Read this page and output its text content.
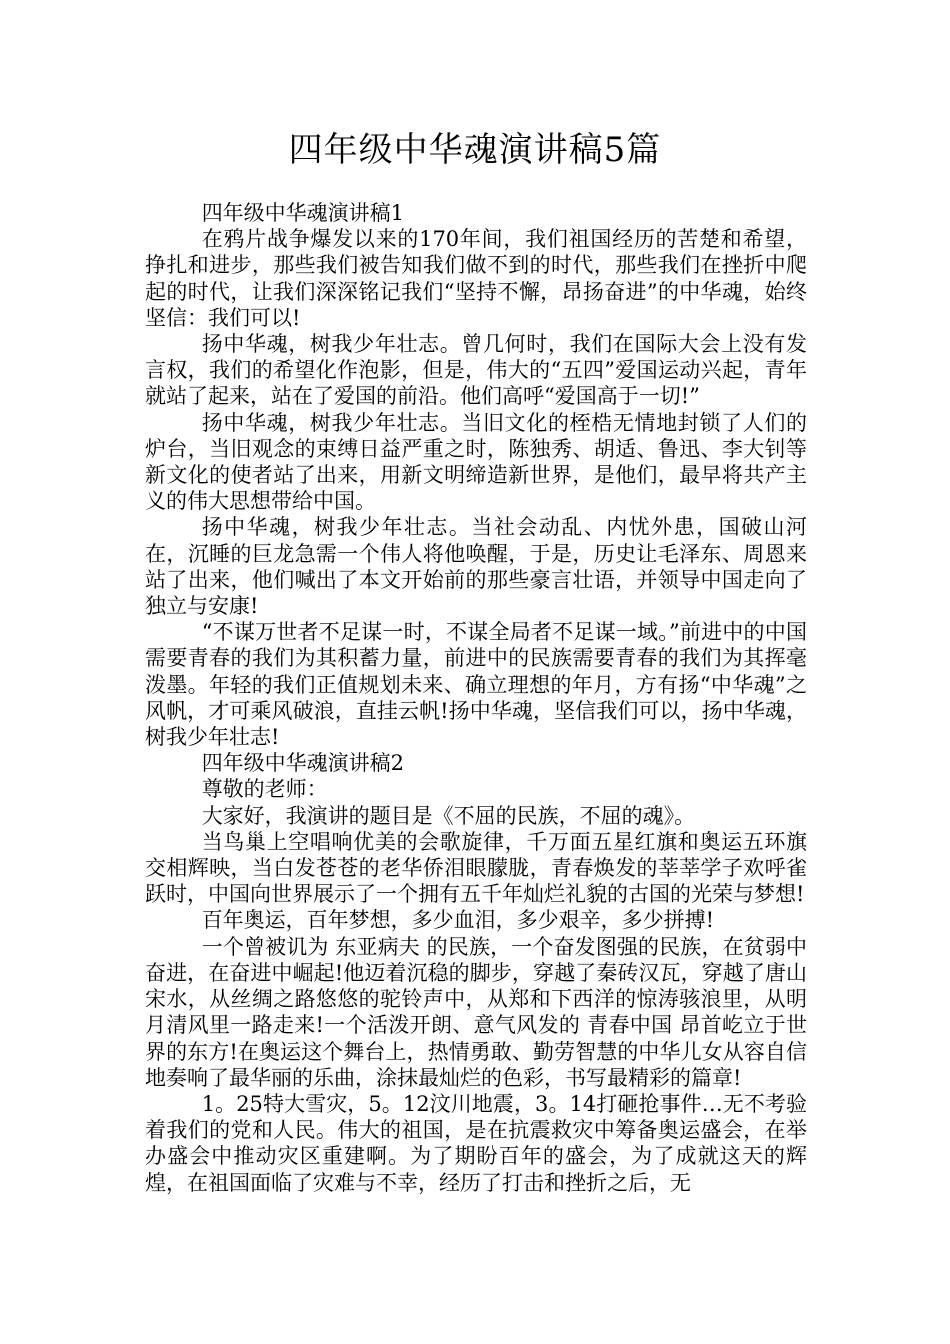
四年级中华魂演讲稿5篇

四年级中华魂演讲稿1

在鸦片战争爆发以来的170年间，我们祖国经历的苦楚和希望，挣扎和进步，那些我们被告知我们做不到的时代，那些我们在挫折中爬起的时代，让我们深深铭记我们“坚持不懈，昂扬奋进”的中华魂，始终坚信：我们可以!

扬中华魂，树我少年壮志。曾几何时，我们在国际大会上没有发言权，我们的希望化作泡影，但是，伟大的“五四”爱国运动兴起，青年就站了起来，站在了爱国的前沿。他们高呼“爱国高于一切!”

扬中华魂，树我少年壮志。当旧文化的桎梏无情地封锁了人们的炉台，当旧观念的束缚日益严重之时，陈独秀、胡适、鲁迅、李大钊等新文化的使者站了出来，用新文明缔造新世界，是他们，最早将共产主义的伟大思想带给中国。

扬中华魂，树我少年壮志。当社会动乱、内忧外患，国破山河在，沉睡的巨龙急需一个伟人将他唤醒，于是，历史让毛泽东、周恩来站了出来，他们喊出了本文开始前的那些豪言壮语，并领导中国走向了独立与安康!

“不谋万世者不足谋一时，不谋全局者不足谋一域。”前进中的中国需要青春的我们为其积蓄力量，前进中的民族需要青春的我们为其挥毫泼墨。年轻的我们正值规划未来、确立理想的年月，方有扬“中华魂”之风帆，才可乘风破浪，直挂云帆!扬中华魂，坚信我们可以，扬中华魂，树我少年壮志!

四年级中华魂演讲稿2

尊敬的老师：

大家好，我演讲的题目是《不屈的民族，不屈的魂》。

当鸟巢上空唱响优美的会歌旋律，千万面五星红旗和奥运五环旗交相辉映，当白发苍苍的老华侨泪眼朦胧，青春焕发的莘莘学子欢呼雀跃时，中国向世界展示了一个拥有五千年灿烂礼貌的古国的光荣与梦想!

百年奥运，百年梦想，多少血泪，多少艰辛，多少拼搏!

一个曾被讥为 东亚病夫 的民族，一个奋发图强的民族，在贫弱中奋进，在奋进中崛起!他迈着沉稳的脚步，穿越了秦砖汉瓦，穿越了唐山宋水，从丝绸之路悠悠的驼铃声中，从郑和下西洋的惊涛骇浪里，从明月清风里一路走来!一个活泼开朗、意气风发的 青春中国 昂首屹立于世界的东方!在奥运这个舞台上，热情勇敢、勤劳智慧的中华儿女从容自信地奏响了最华丽的乐曲，涂抹最灿烂的色彩，书写最精彩的篇章!

1。25特大雪灾，5。12汶川地震，3。14打砸抢事件…无不考验着我们的党和人民。伟大的祖国，是在抗震救灾中筹备奥运盛会，在举办盛会中推动灾区重建啊。为了期盼百年的盛会，为了成就这天的辉煌，在祖国面临了灾难与不幸，经历了打击和挫折之后，无
